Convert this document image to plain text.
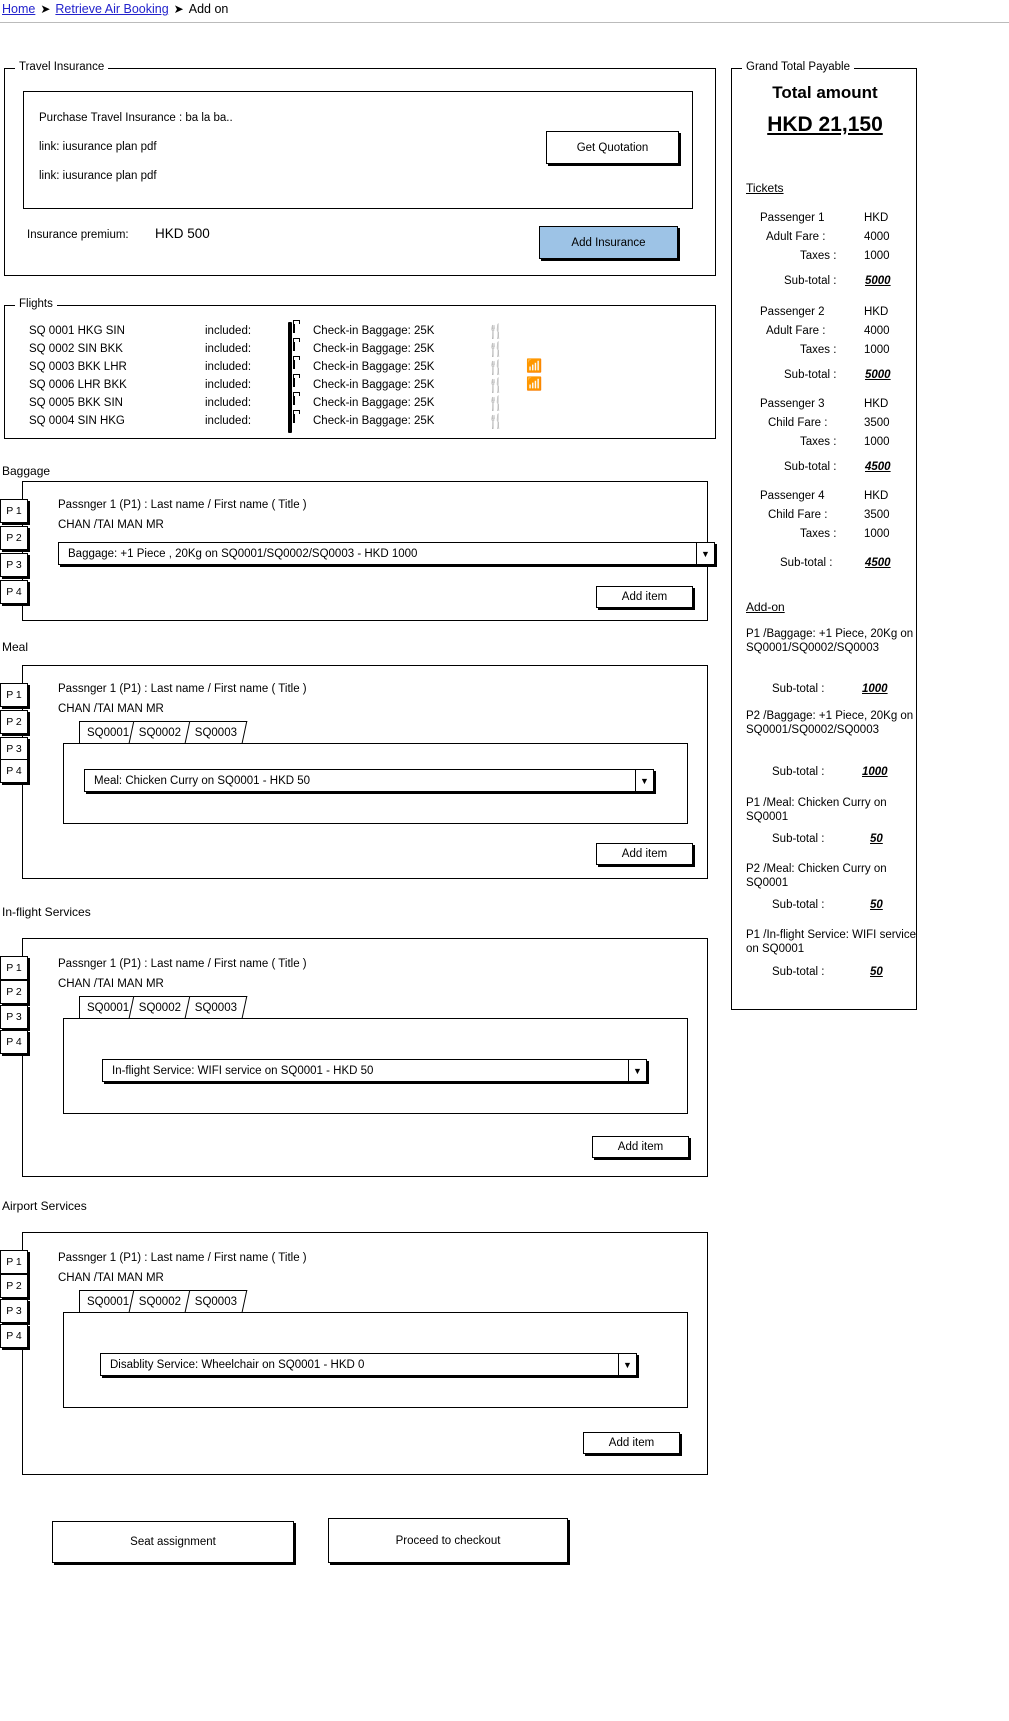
Home ➤ Retrieve Air Booking ➤ Add on
Travel Insurance
Purchase Travel Insurance : ba la ba..
link: iusurance plan pdf
link: iusurance plan pdf
Get Quotation
Insurance premium: HKD 500
Add Insurance
Flights
SQ 0001 HKG SIN	included:	Check-in Baggage: 25K	🍴
SQ 0002 SIN BKK	included:	Check-in Baggage: 25K	🍴
SQ 0003 BKK LHR	included:	Check-in Baggage: 25K	🍴 📶
SQ 0006 LHR BKK	included:	Check-in Baggage: 25K	🍴 📶
SQ 0005 BKK SIN	included:	Check-in Baggage: 25K	🍴
SQ 0004 SIN HKG	included:	Check-in Baggage: 25K	🍴
Baggage
Passnger 1 (P1) : Last name / First name ( Title )
CHAN /TAI MAN MR
Baggage: +1 Piece , 20Kg on SQ0001/SQ0002/SQ0003 - HKD 1000	▼
Add item
P 1
P 2
P 3
P 4
Meal
Passnger 1 (P1) : Last name / First name ( Title )
CHAN /TAI MAN MR
SQ0001 SQ0002 SQ0003
Meal: Chicken Curry on SQ0001 - HKD 50	▼
Add item
P 1
P 2
P 3
P 4
In-flight Services
Passnger 1 (P1) : Last name / First name ( Title )
CHAN /TAI MAN MR
SQ0001 SQ0002 SQ0003
In-flight Service: WIFI service on SQ0001 - HKD 50	▼
Add item
P 1
P 2
P 3
P 4
Airport Services
Passnger 1 (P1) : Last name / First name ( Title )
CHAN /TAI MAN MR
SQ0001 SQ0002 SQ0003
Disablity Service: Wheelchair on SQ0001 - HKD 0	▼
Add item
P 1
P 2
P 3
P 4
Seat assignment	Proceed to checkout
Grand Total Payable
Total amount
HKD 21,150
Tickets
Passenger 1	HKD
Adult Fare :	4000
Taxes : 1000
Sub-total : 5000
Passenger 2	HKD
Adult Fare :	4000
Taxes : 1000
Sub-total : 5000
Passenger 3	HKD
Child Fare :	3500
Taxes : 1000
Sub-total : 4500
Passenger 4	HKD
Child Fare :	3500
Taxes : 1000
Sub-total :	4500
Add-on
P1 /Baggage: +1 Piece, 20Kg on SQ0001/SQ0002/SQ0003
Sub-total :	1000
P2 /Baggage: +1 Piece, 20Kg on SQ0001/SQ0002/SQ0003
Sub-total :	1000
P1 /Meal: Chicken Curry on SQ0001
Sub-total :	50
P2 /Meal: Chicken Curry on SQ0001
Sub-total :	50
P1 /In-flight Service: WIFI service on SQ0001
Sub-total :	50
